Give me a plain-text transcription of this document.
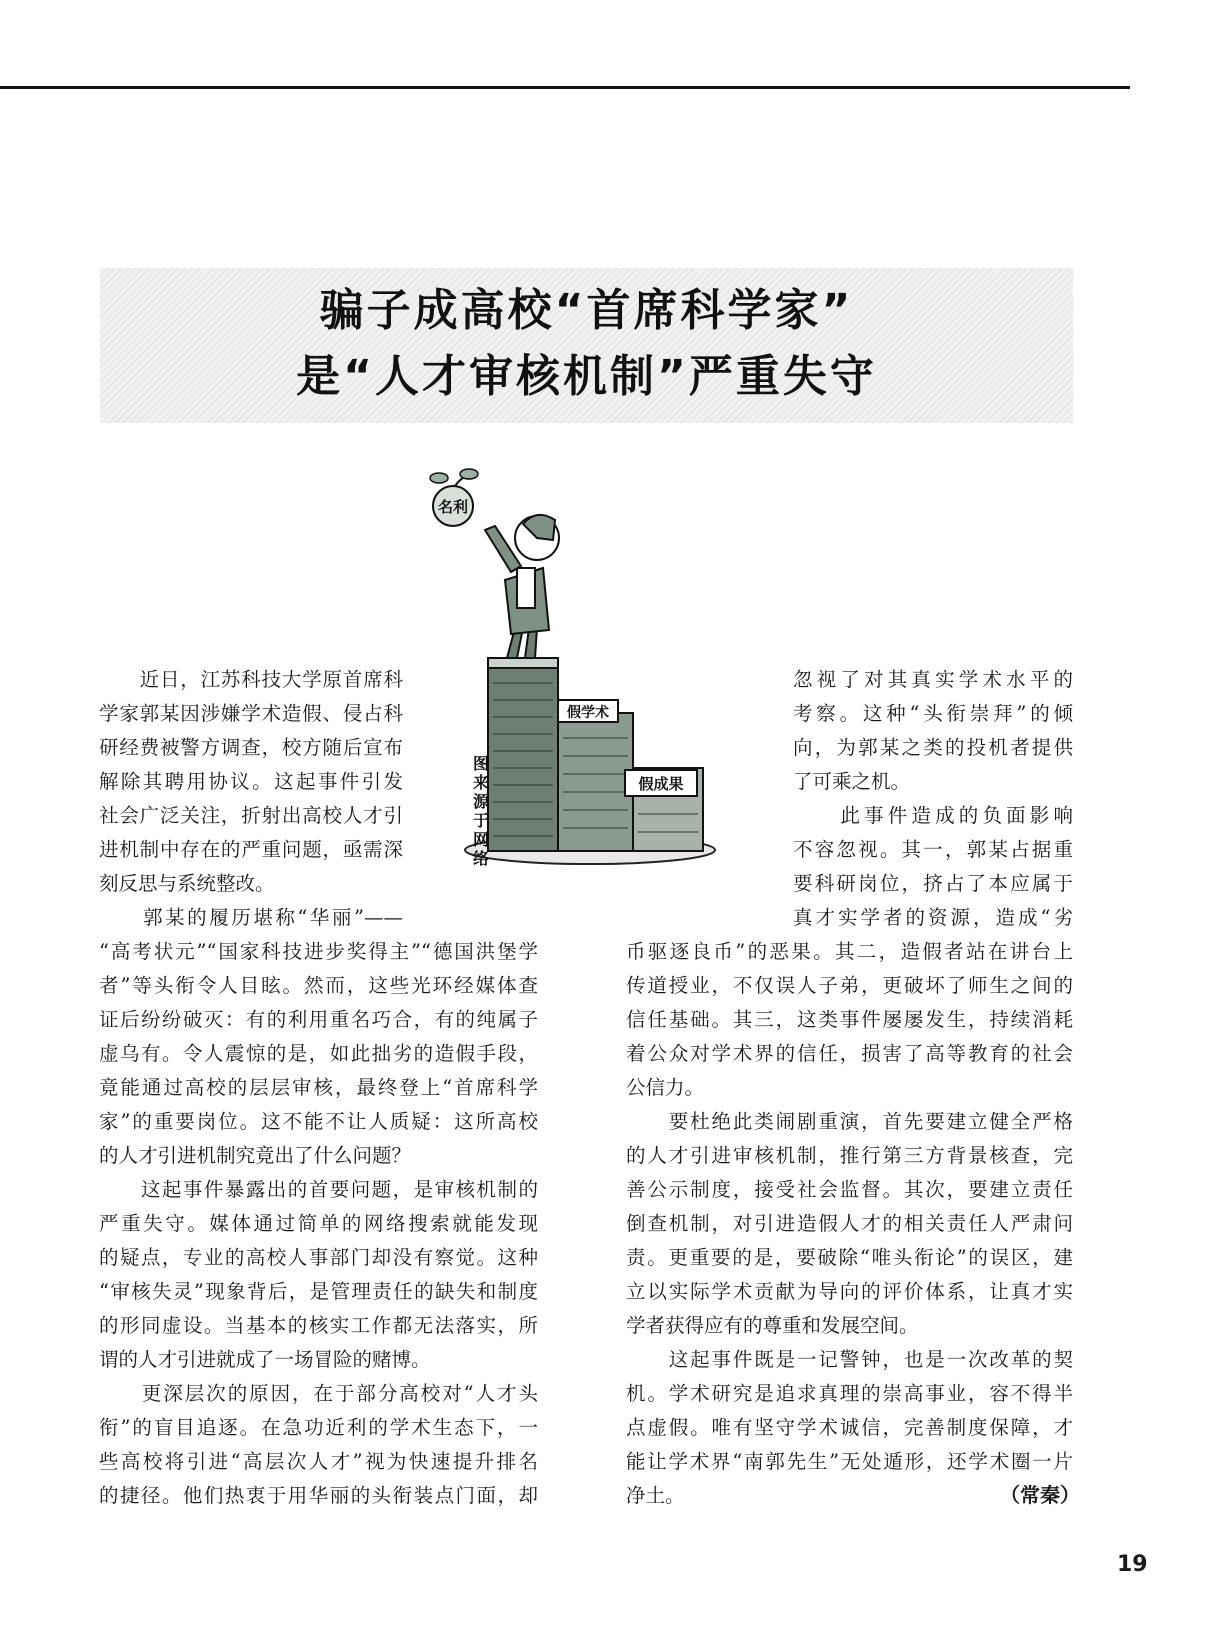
骗子成高校“首席科学家”
是“人才审核机制”严重失守
假学术
假成果
名利
图来源于网络
　　近日，江苏科技大学原首席科
学家郭某因涉嫌学术造假、侵占科
研经费被警方调查，校方随后宣布
解除其聘用协议。这起事件引发
社会广泛关注，折射出高校人才引
进机制中存在的严重问题，亟需深
刻反思与系统整改。
　　郭某的履历堪称“华丽”——
“高考状元”“国家科技进步奖得主”“德国洪堡学
者”等头衔令人目眩。然而，这些光环经媒体查
证后纷纷破灭：有的利用重名巧合，有的纯属子
虚乌有。令人震惊的是，如此拙劣的造假手段，
竟能通过高校的层层审核，最终登上“首席科学
家”的重要岗位。这不能不让人质疑：这所高校
的人才引进机制究竟出了什么问题？
　　这起事件暴露出的首要问题，是审核机制的
严重失守。媒体通过简单的网络搜索就能发现
的疑点，专业的高校人事部门却没有察觉。这种
“审核失灵”现象背后，是管理责任的缺失和制度
的形同虚设。当基本的核实工作都无法落实，所
谓的人才引进就成了一场冒险的赌博。
　　更深层次的原因，在于部分高校对“人才头
衔”的盲目追逐。在急功近利的学术生态下，一
些高校将引进“高层次人才”视为快速提升排名
的捷径。他们热衷于用华丽的头衔装点门面，却
忽视了对其真实学术水平的
考察。这种“头衔崇拜”的倾
向，为郭某之类的投机者提供
了可乘之机。
　　此事件造成的负面影响
不容忽视。其一，郭某占据重
要科研岗位，挤占了本应属于
真才实学者的资源，造成“劣
币驱逐良币”的恶果。其二，造假者站在讲台上
传道授业，不仅误人子弟，更破坏了师生之间的
信任基础。其三，这类事件屡屡发生，持续消耗
着公众对学术界的信任，损害了高等教育的社会
公信力。
　　要杜绝此类闹剧重演，首先要建立健全严格
的人才引进审核机制，推行第三方背景核查，完
善公示制度，接受社会监督。其次，要建立责任
倒查机制，对引进造假人才的相关责任人严肃问
责。更重要的是，要破除“唯头衔论”的误区，建
立以实际学术贡献为导向的评价体系，让真才实
学者获得应有的尊重和发展空间。
　　这起事件既是一记警钟，也是一次改革的契
机。学术研究是追求真理的崇高事业，容不得半
点虚假。唯有坚守学术诚信，完善制度保障，才
能让学术界“南郭先生”无处遁形，还学术圈一片
净土。	（常秦）
19
